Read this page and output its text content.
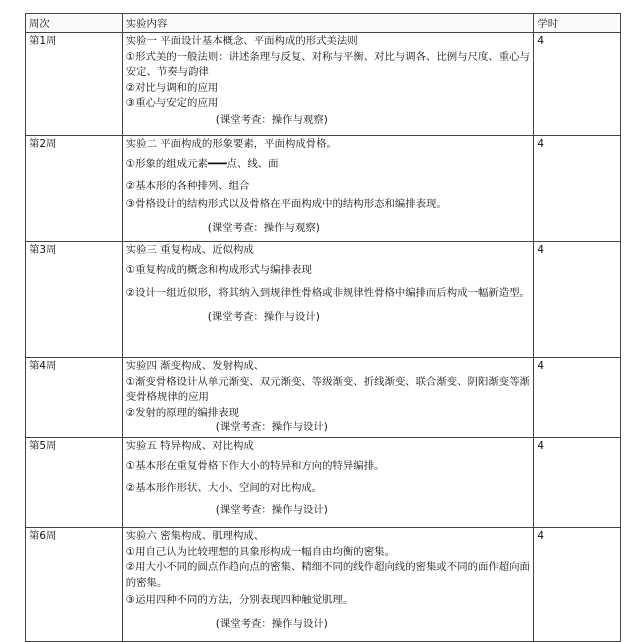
周次	实验内容	学时
第1周	实验一 平面设计基本概念、平面构成的形式美法则
①形式美的一般法则：讲述条理与反复、对称与平衡、对比与调各、比例与尺度、重心与安定、节奏与韵律
②对比与调和的应用
③重心与安定的应用
(课堂考查：操作与观察)	4
第2周	实验二 平面构成的形象要素，平面构成骨格。
①形象的组成元素━━━点、线、面
②基本形的各种排列、组合
③骨格设计的结构形式以及骨格在平面构成中的结构形态和编排表现。
(课堂考查：操作与观察)	4
第3周	实验三 重复构成、近似构成
①重复构成的概念和构成形式与编排表现
②设计一组近似形，将其纳入到规律性骨格或非规律性骨格中编排而后构成一幅新造型。
(课堂考查：操作与设计)	4
第4周	实验四 渐变构成、发射构成、
①渐变骨格设计从单元渐变、双元渐变、等级渐变、折线渐变、联合渐变、阴阳渐变等渐变骨格规律的应用
②发射的原理的编排表现
(课堂考查：操作与设计)	4
第5周	实验五 特异构成、对比构成
①基本形在重复骨格下作大小的特异和方向的特异编排。
②基本形作形状、大小、空间的对比构成。
(课堂考查：操作与设计)	4
第6周	实验六 密集构成、肌理构成、
①用自己认为比较理想的具象形构成一幅自由均衡的密集。
②用大小不同的圆点作趋向点的密集、精细不同的线作超向线的密集或不同的面作超向面的密集。
③运用四种不同的方法，分别表现四种触觉肌理。
(课堂考查：操作与设计)	4
